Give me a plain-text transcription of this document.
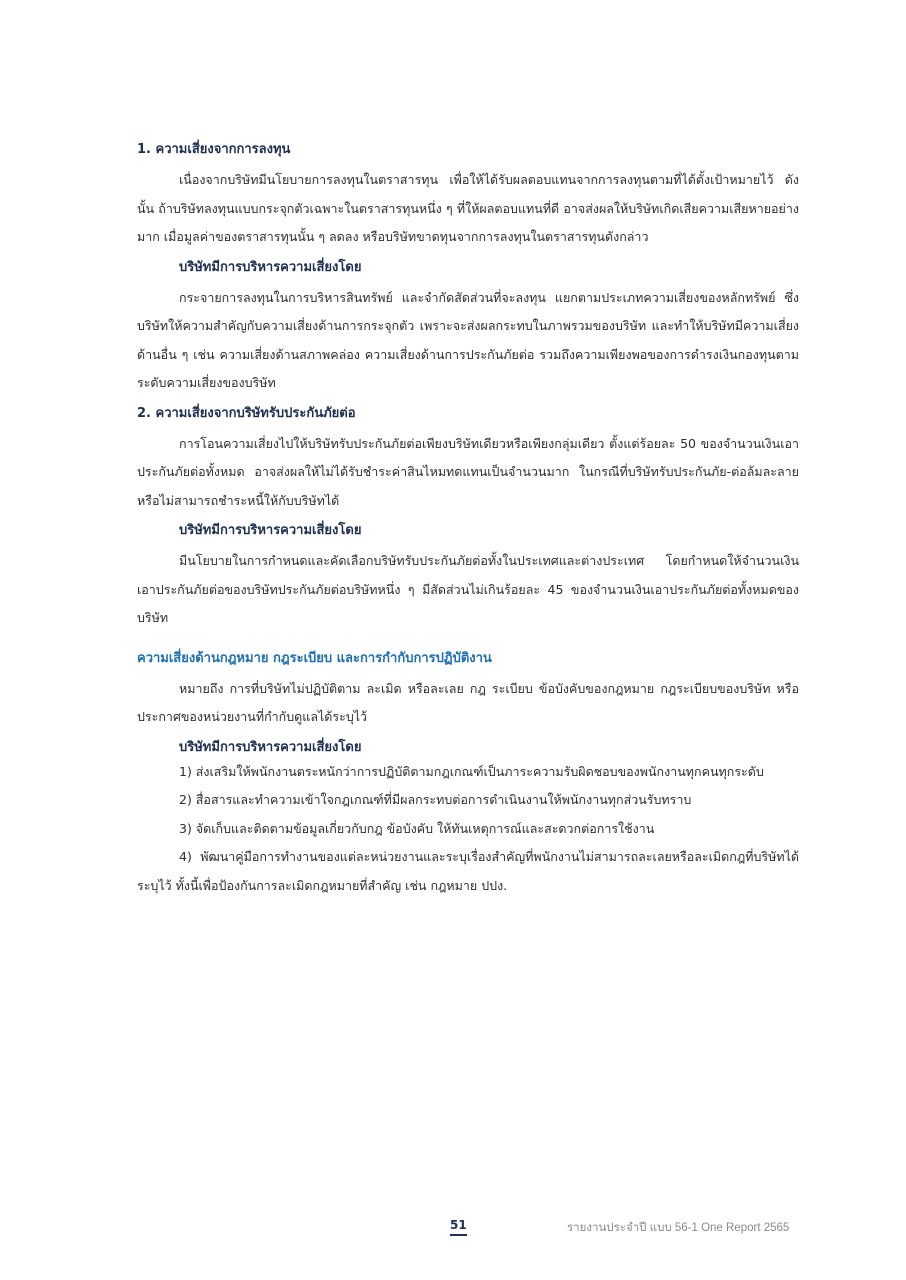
1. ความเสี่ยงจากการลงทุน

เนื่องจากบริษัทมีนโยบายการลงทุนในตราสารทุน เพื่อให้ได้รับผลตอบแทนจากการลงทุนตามที่ได้ตั้งเป้าหมายไว้ ดังนั้น ถ้าบริษัทลงทุนแบบกระจุกตัวเฉพาะในตราสารทุนหนึ่ง ๆ ที่ให้ผลตอบแทนที่ดี อาจส่งผลให้บริษัทเกิดเสียความเสียหายอย่างมาก เมื่อมูลค่าของตราสารทุนนั้น ๆ ลดลง หรือบริษัทขาดทุนจากการลงทุนในตราสารทุนดังกล่าว

บริษัทมีการบริหารความเสี่ยงโดย

กระจายการลงทุนในการบริหารสินทรัพย์ และจำกัดสัดส่วนที่จะลงทุน แยกตามประเภทความเสี่ยงของหลักทรัพย์ ซึ่งบริษัทให้ความสำคัญกับความเสี่ยงด้านการกระจุกตัว เพราะจะส่งผลกระทบในภาพรวมของบริษัท และทำให้บริษัทมีความเสี่ยงด้านอื่น ๆ เช่น ความเสี่ยงด้านสภาพคล่อง ความเสี่ยงด้านการประกันภัยต่อ รวมถึงความเพียงพอของการดำรงเงินกองทุนตามระดับความเสี่ยงของบริษัท

2. ความเสี่ยงจากบริษัทรับประกันภัยต่อ

การโอนความเสี่ยงไปให้บริษัทรับประกันภัยต่อเพียงบริษัทเดียวหรือเพียงกลุ่มเดียว ตั้งแต่ร้อยละ 50 ของจำนวนเงินเอาประกันภัยต่อทั้งหมด อาจส่งผลให้ไม่ได้รับชำระค่าสินไหมทดแทนเป็นจำนวนมาก ในกรณีที่บริษัทรับประกันภัย-ต่อล้มละลาย หรือไม่สามารถชำระหนี้ให้กับบริษัทได้

บริษัทมีการบริหารความเสี่ยงโดย

มีนโยบายในการกำหนดและคัดเลือกบริษัทรับประกันภัยต่อทั้งในประเทศและต่างประเทศ โดยกำหนดให้จำนวนเงินเอาประกันภัยต่อของบริษัทประกันภัยต่อบริษัทหนึ่ง ๆ มีสัดส่วนไม่เกินร้อยละ 45 ของจำนวนเงินเอาประกันภัยต่อทั้งหมดของบริษัท

ความเสี่ยงด้านกฎหมาย กฎระเบียบ และการกำกับการปฏิบัติงาน

หมายถึง การที่บริษัทไม่ปฏิบัติตาม ละเมิด หรือละเลย กฎ ระเบียบ ข้อบังคับของกฎหมาย กฎระเบียบของบริษัท หรือประกาศของหน่วยงานที่กำกับดูแลได้ระบุไว้

บริษัทมีการบริหารความเสี่ยงโดย

1) ส่งเสริมให้พนักงานตระหนักว่าการปฏิบัติตามกฎเกณฑ์เป็นภาระความรับผิดชอบของพนักงานทุกคนทุกระดับ

2) สื่อสารและทำความเข้าใจกฎเกณฑ์ที่มีผลกระทบต่อการดำเนินงานให้พนักงานทุกส่วนรับทราบ

3) จัดเก็บและติดตามข้อมูลเกี่ยวกับกฎ ข้อบังคับ ให้ทันเหตุการณ์และสะดวกต่อการใช้งาน

4) พัฒนาคู่มือการทำงานของแต่ละหน่วยงานและระบุเรื่องสำคัญที่พนักงานไม่สามารถละเลยหรือละเมิดกฎที่บริษัทได้ระบุไว้ ทั้งนี้เพื่อป้องกันการละเมิดกฎหมายที่สำคัญ เช่น กฎหมาย ปปง.

51	รายงานประจำปี แบบ 56-1 One Report 2565
